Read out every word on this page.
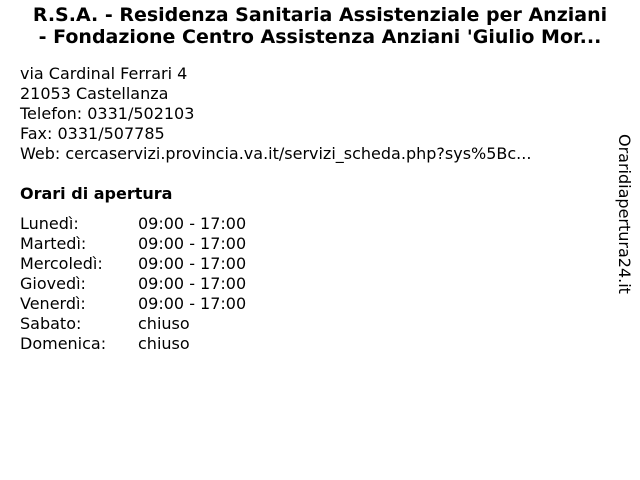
R.S.A. - Residenza Sanitaria Assistenziale per Anziani
- Fondazione Centro Assistenza Anziani 'Giulio Mor...
via Cardinal Ferrari 4
21053 Castellanza
Telefon: 0331/502103
Fax: 0331/507785
Web: cercaservizi.provincia.va.it/servizi_scheda.php?sys%5Bc...
Orari di apertura
Lunedì:	09:00 - 17:00
Martedì:	09:00 - 17:00
Mercoledì: 09:00 - 17:00
Giovedì:	09:00 - 17:00
Venerdì:	09:00 - 17:00
Sabato:	chiuso
Domenica: chiuso
Oraridiapertura24.it
